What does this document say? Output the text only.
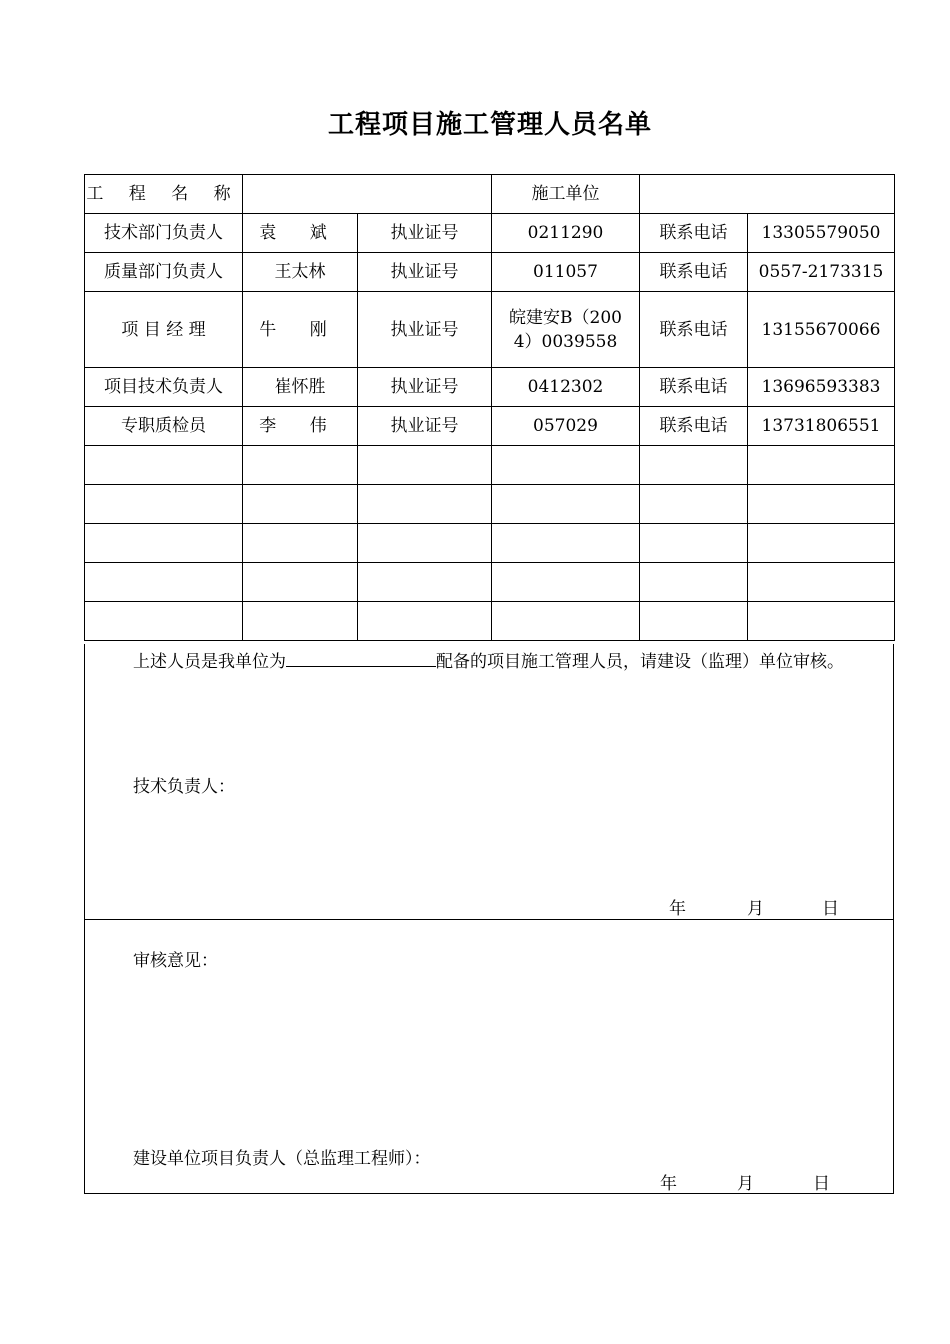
工程项目施工管理人员名单
工 程 名 称			施工单位		
技术部门负责人	袁 斌	执业证号	0211290	联系电话	13305579050
质量部门负责人	王太林	执业证号	011057	联系电话	0557-2173315
项 目 经 理	牛 刚	执业证号	皖建安B（2004）0039558	联系电话	13155670066
项目技术负责人	崔怀胜	执业证号	0412302	联系电话	13696593383
专职质检员	李 伟	执业证号	057029	联系电话	13731806551

上述人员是我单位为	配备的项目施工管理人员，请建设（监理）单位审核。
技术负责人：
年	月	日
审核意见：
建设单位项目负责人（总监理工程师）：
年	月	日
